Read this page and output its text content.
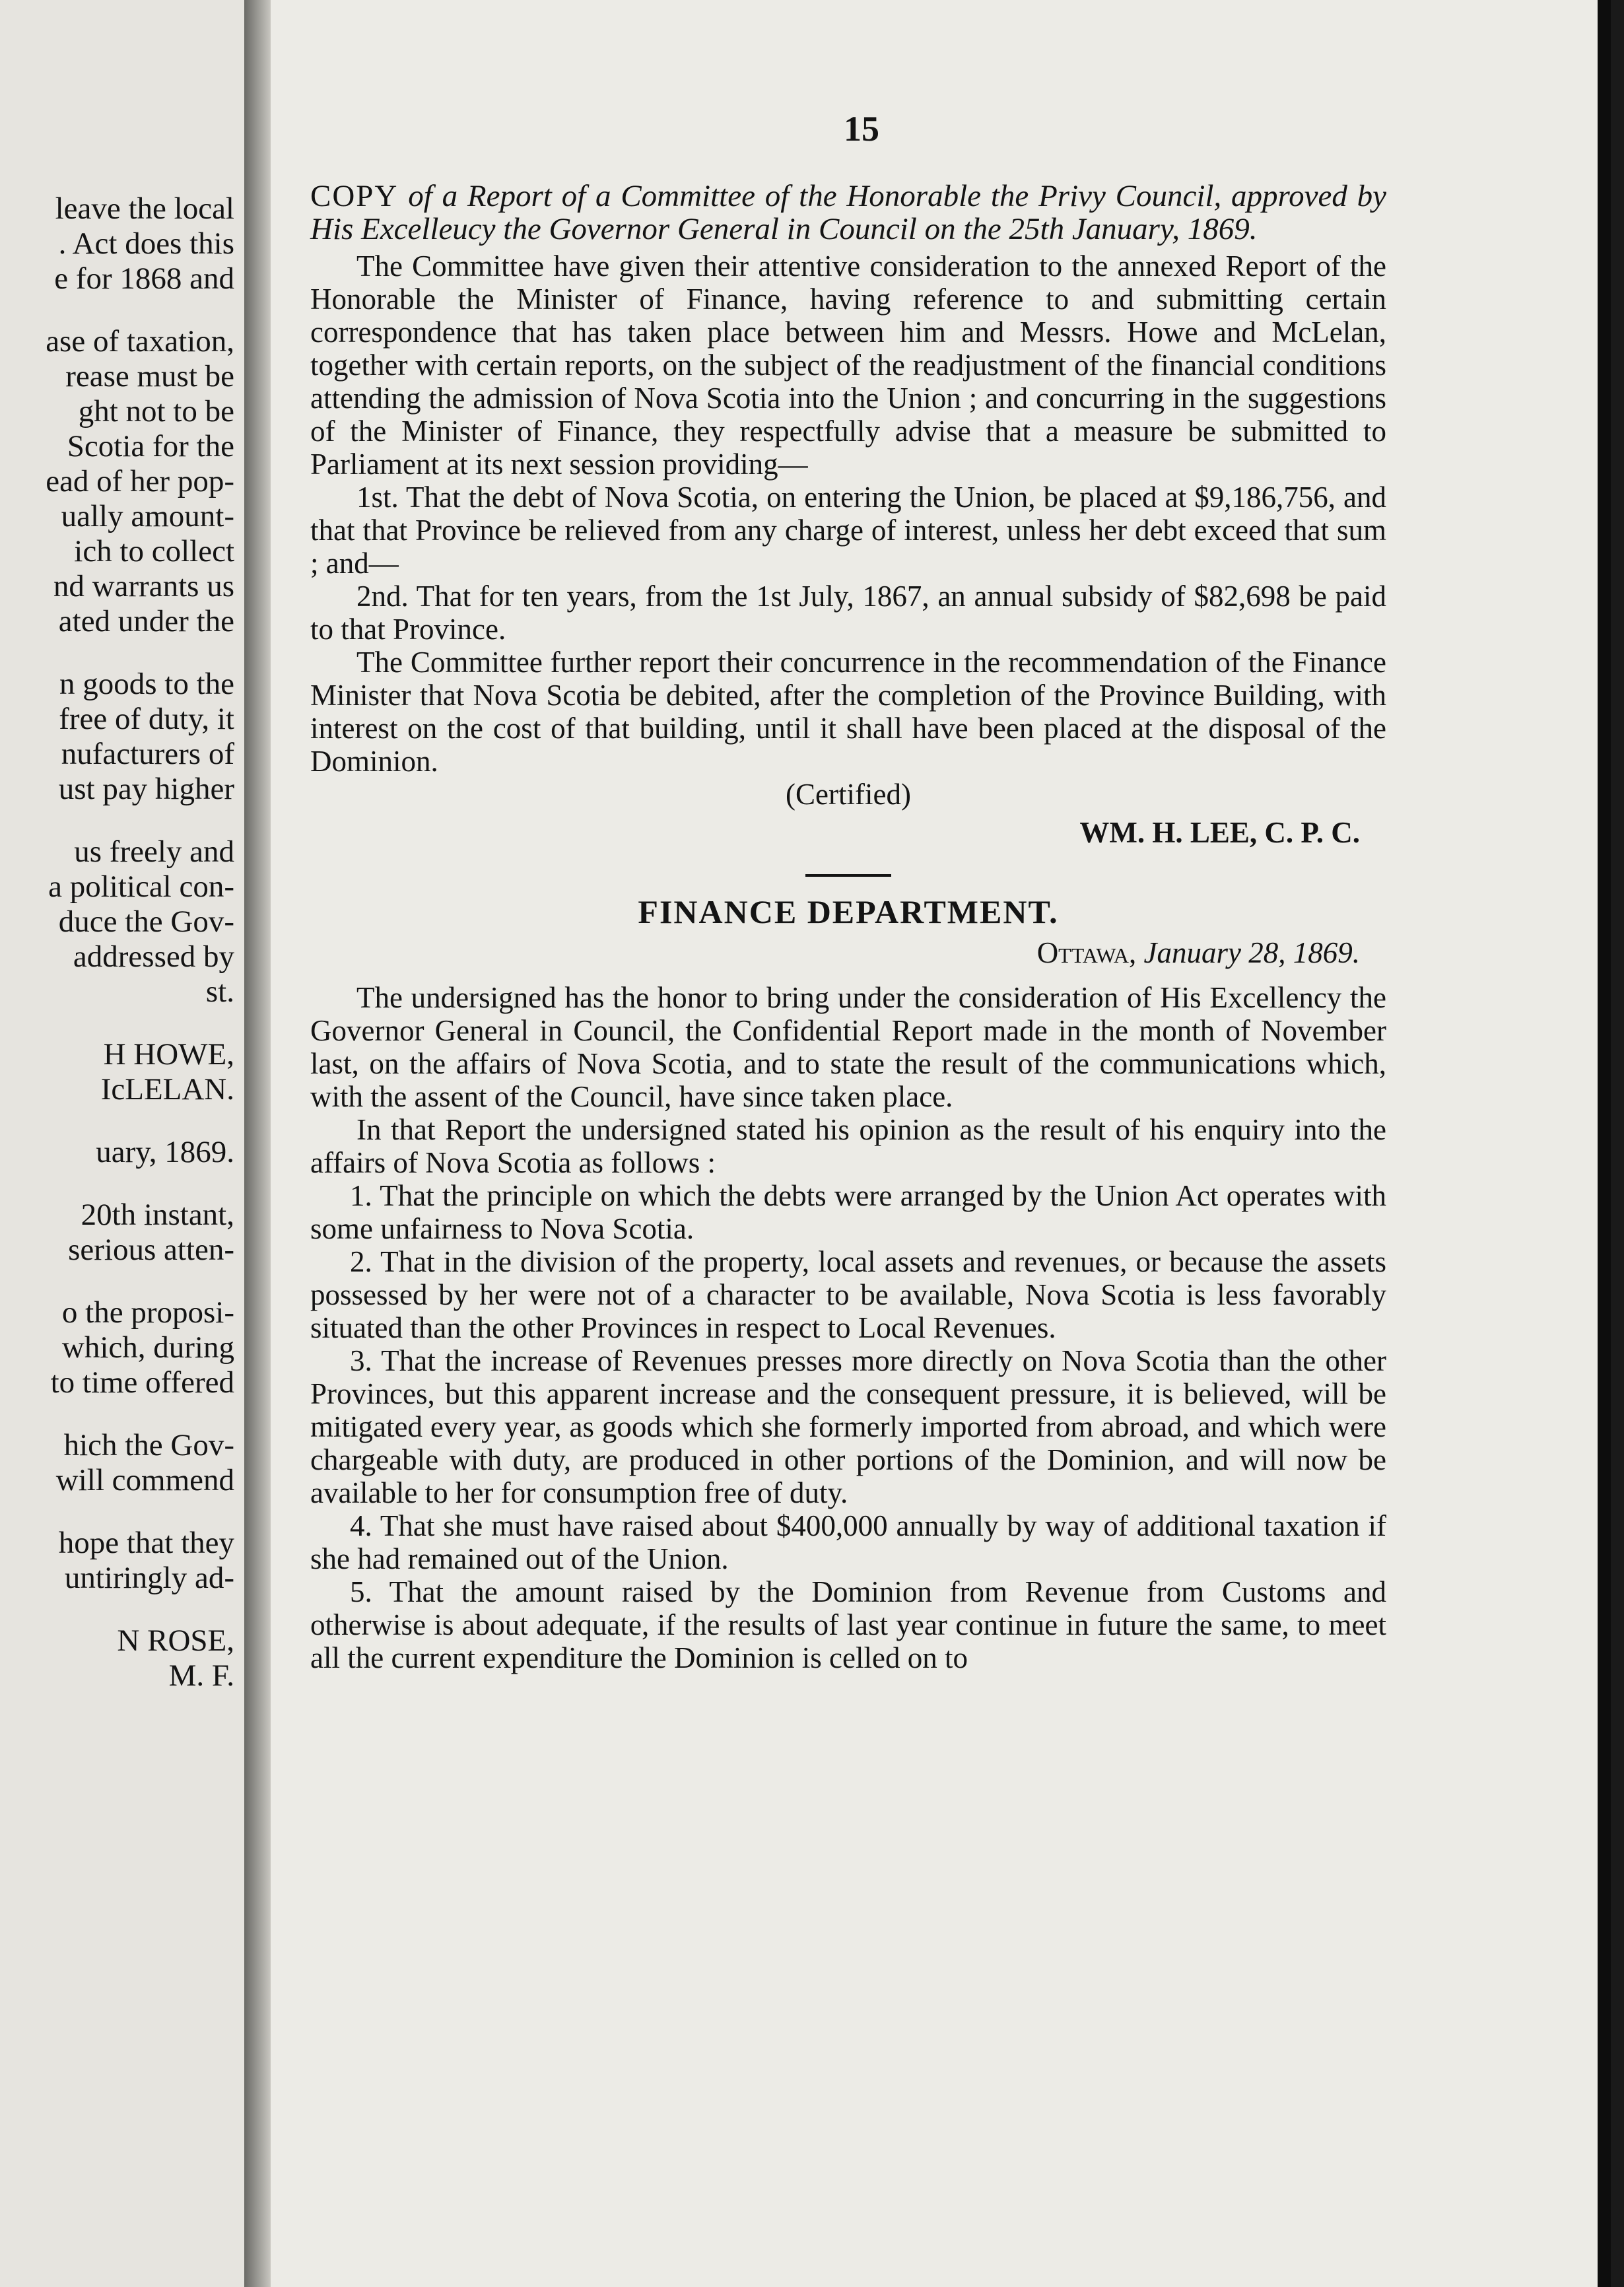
leave the local
. Act does this
e for 1868 and
ase of taxation,
rease must be
ght not to be
Scotia for the
ead of her pop-
ually amount-
ich to collect
nd warrants us
ated under the
n goods to the
free of duty, it
nufacturers of
ust pay higher
us freely and
a political con-
duce the Gov-
addressed by
st.
H HOWE,
IcLELAN.
uary, 1869.
20th instant,
serious atten-
o the proposi-
which, during
to time offered
hich the Gov-
will commend
hope that they
untiringly ad-
N ROSE,
M. F.
15
COPY of a Report of a Committee of the Honorable the Privy Council, approved by His Excelleucy the Governor General in Council on the 25th January, 1869.

The Committee have given their attentive consideration to the annexed Report of the Honorable the Minister of Finance, having reference to and submitting certain correspondence that has taken place between him and Messrs. Howe and McLelan, together with certain reports, on the subject of the readjustment of the financial conditions attending the admission of Nova Scotia into the Union ; and concurring in the suggestions of the Minister of Finance, they respectfully advise that a measure be submitted to Parliament at its next session providing—

1st. That the debt of Nova Scotia, on entering the Union, be placed at $9,186,756, and that that Province be relieved from any charge of interest, unless her debt exceed that sum ; and—

2nd. That for ten years, from the 1st July, 1867, an annual subsidy of $82,698 be paid to that Province.

The Committee further report their concurrence in the recommendation of the Finance Minister that Nova Scotia be debited, after the completion of the Province Building, with interest on the cost of that building, until it shall have been placed at the disposal of the Dominion.

(Certified)
WM. H. LEE, C. P. C.
FINANCE DEPARTMENT.
Ottawa, January 28, 1869.

The undersigned has the honor to bring under the consideration of His Excellency the Governor General in Council, the Confidential Report made in the month of November last, on the affairs of Nova Scotia, and to state the result of the communications which, with the assent of the Council, have since taken place.

In that Report the undersigned stated his opinion as the result of his enquiry into the affairs of Nova Scotia as follows :

1. That the principle on which the debts were arranged by the Union Act operates with some unfairness to Nova Scotia.

2. That in the division of the property, local assets and revenues, or because the assets possessed by her were not of a character to be available, Nova Scotia is less favorably situated than the other Provinces in respect to Local Revenues.

3. That the increase of Revenues presses more directly on Nova Scotia than the other Provinces, but this apparent increase and the consequent pressure, it is believed, will be mitigated every year, as goods which she formerly imported from abroad, and which were chargeable with duty, are produced in other portions of the Dominion, and will now be available to her for consumption free of duty.

4. That she must have raised about $400,000 annually by way of additional taxation if she had remained out of the Union.

5. That the amount raised by the Dominion from Revenue from Customs and otherwise is about adequate, if the results of last year continue in future the same, to meet all the current expenditure the Dominion is celled on to
